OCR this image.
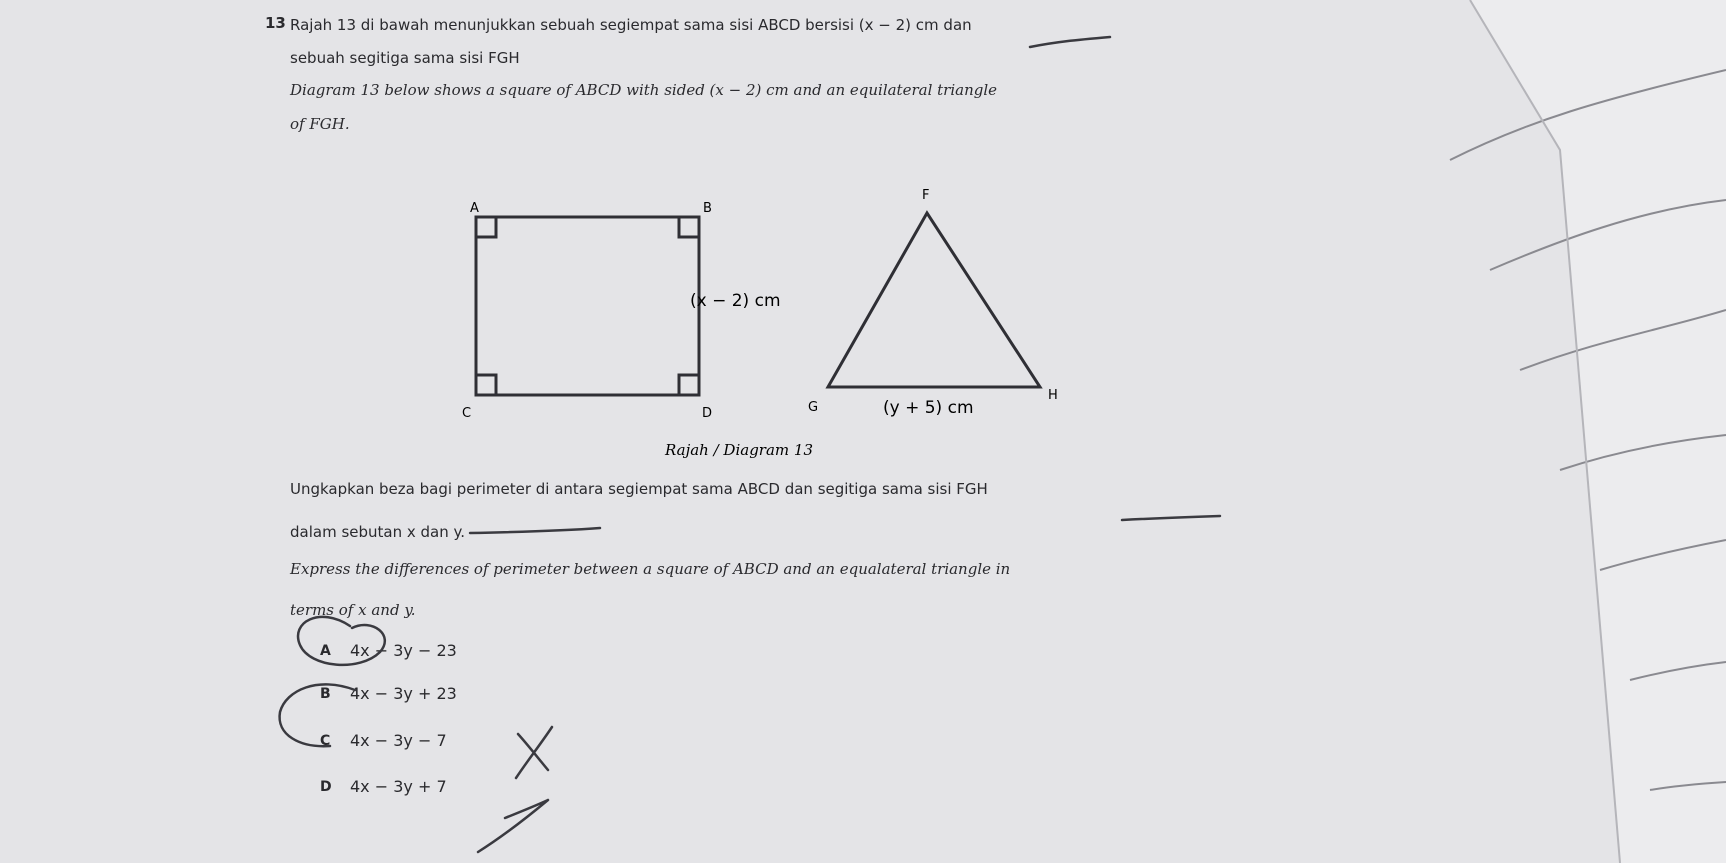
13 Rajah 13 di bawah menunjukkan sebuah segiempat sama sisi ABCD bersisi (x − 2) cm dan
sebuah segitiga sama sisi FGH
Diagram 13 below shows a square of ABCD with sided (x − 2) cm and an equilateral triangle
of FGH.
A	B
C	D
(x − 2) cm
F
G
H
(y + 5) cm
Rajah / Diagram 13
Ungkapkan beza bagi perimeter di antara segiempat sama ABCD dan segitiga sama sisi FGH
dalam sebutan x dan y.
Express the differences of perimeter between a square of ABCD and an equalateral triangle in
terms of x and y.
A 4x − 3y − 23
B 4x − 3y + 23
C 4x − 3y − 7
D 4x − 3y + 7
